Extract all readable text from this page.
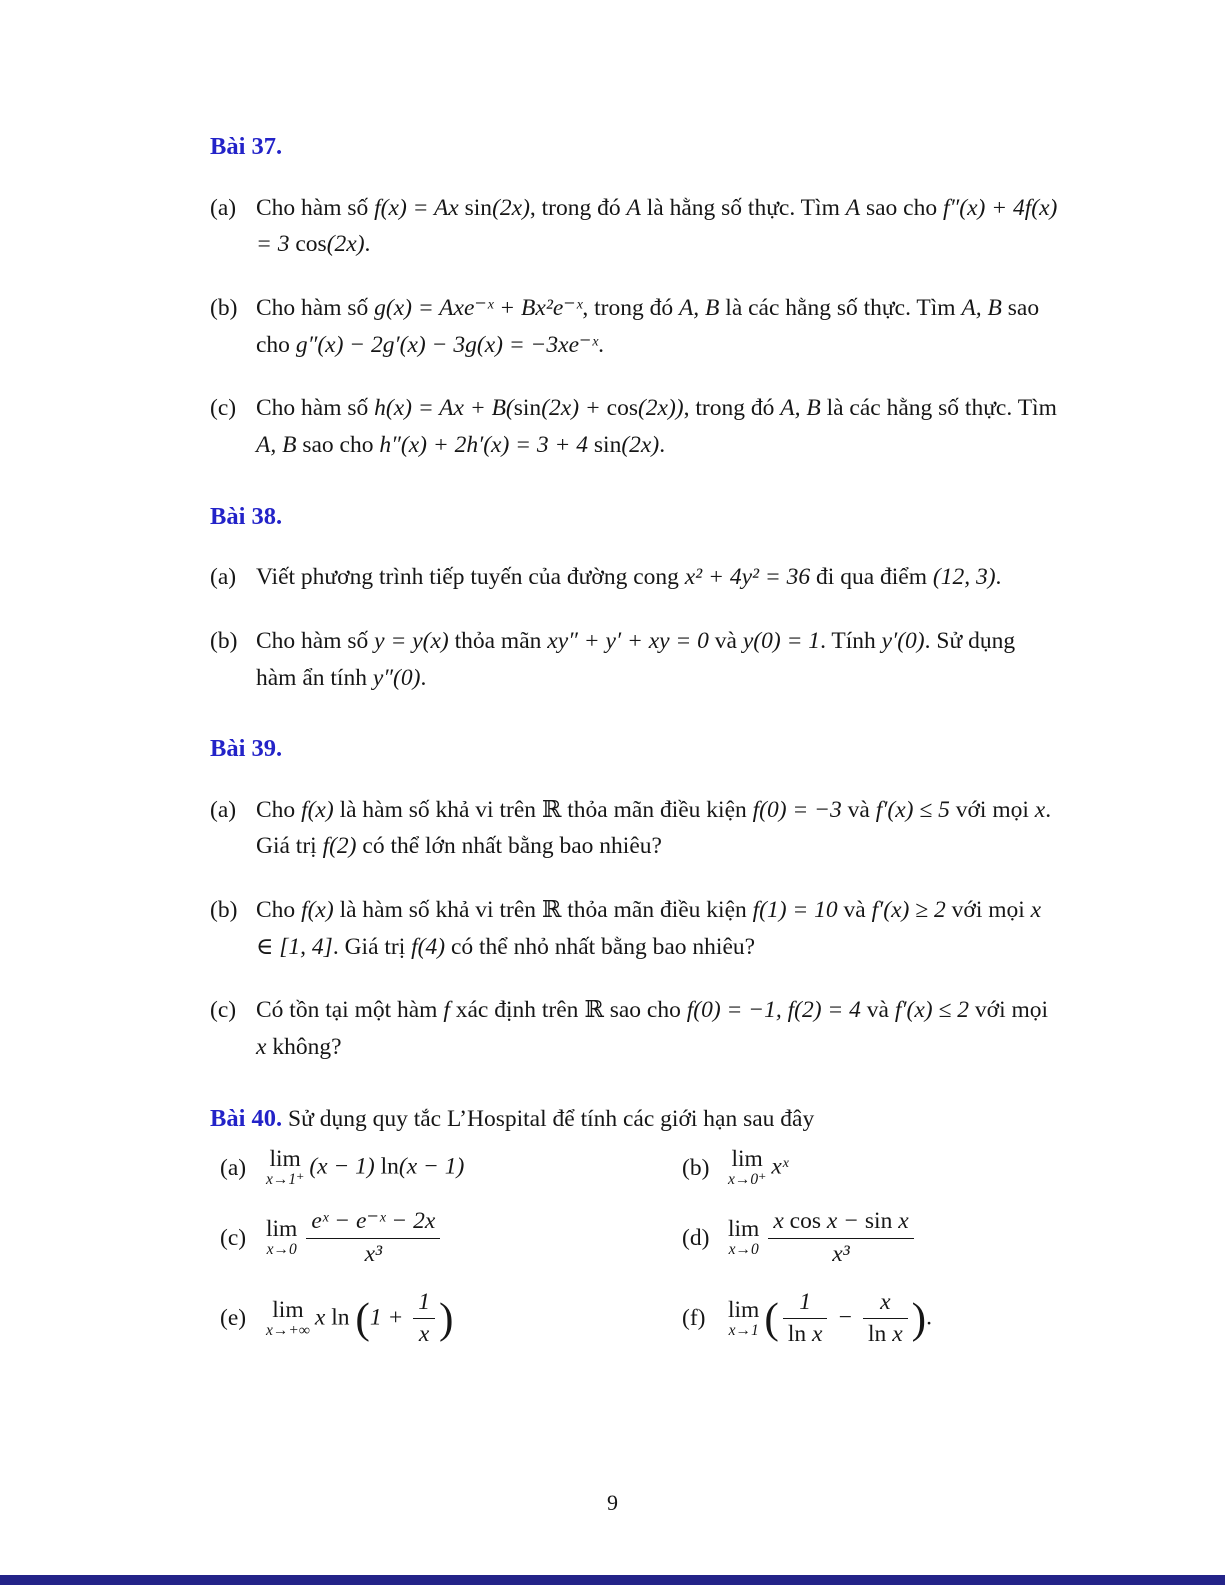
Bài 37.
(a) Cho hàm số f(x) = Ax sin(2x), trong đó A là hằng số thực. Tìm A sao cho f″(x) + 4f(x) = 3 cos(2x).
(b) Cho hàm số g(x) = Axe⁻ˣ + Bx²e⁻ˣ, trong đó A, B là các hằng số thực. Tìm A, B sao cho g″(x) − 2g′(x) − 3g(x) = −3xe⁻ˣ.
(c) Cho hàm số h(x) = Ax + B(sin(2x) + cos(2x)), trong đó A, B là các hằng số thực. Tìm A, B sao cho h″(x) + 2h′(x) = 3 + 4 sin(2x).
Bài 38.
(a) Viết phương trình tiếp tuyến của đường cong x² + 4y² = 36 đi qua điểm (12, 3).
(b) Cho hàm số y = y(x) thỏa mãn xy″ + y′ + xy = 0 và y(0) = 1. Tính y′(0). Sử dụng hàm ẩn tính y″(0).
Bài 39.
(a) Cho f(x) là hàm số khả vi trên ℝ thỏa mãn điều kiện f(0) = −3 và f′(x) ≤ 5 với mọi x. Giá trị f(2) có thể lớn nhất bằng bao nhiêu?
(b) Cho f(x) là hàm số khả vi trên ℝ thỏa mãn điều kiện f(1) = 10 và f′(x) ≥ 2 với mọi x ∈ [1, 4]. Giá trị f(4) có thể nhỏ nhất bằng bao nhiêu?
(c) Có tồn tại một hàm f xác định trên ℝ sao cho f(0) = −1, f(2) = 4 và f′(x) ≤ 2 với mọi x không?
Bài 40. Sử dụng quy tắc L’Hospital để tính các giới hạn sau đây
(a) lim
x→1⁺
(x − 1) ln(x − 1)	(b) lim
x→0⁺
xˣ
(c) lim
$x\to 0 \frac{\text{eˣ − e⁻ˣ − 2x}}{\text{x³}}$	(d) lim
$x\to 0 \frac{\text{x cos x − sin x}}{\text{x³}}$
(e)	lim
x→+∞
x $\ln (1 + \frac{1}{x}$ )	(f) lim
x→1 ( $\frac{1}{\text{ln x}} - \frac{x}{\text{ln x}}$ ).
9
